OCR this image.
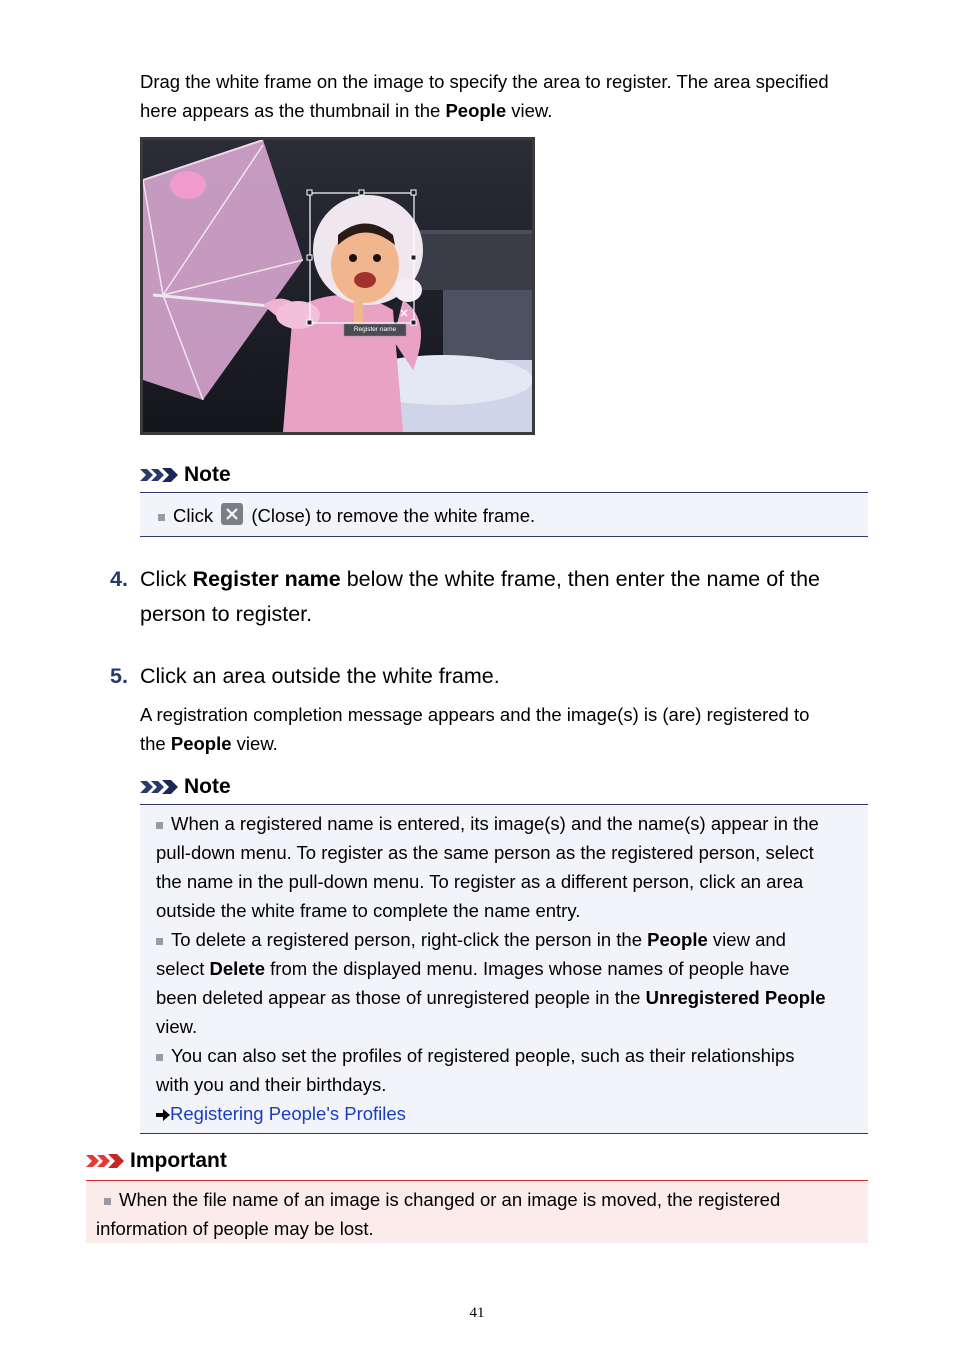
Drag the white frame on the image to specify the area to register. The area specified
here appears as the thumbnail in the People view.
Register name
Note
Click
(Close) to remove the white frame.
4. Click Register name below the white frame, then enter the name of the
person to register.
5. Click an area outside the white frame.
A registration completion message appears and the image(s) is (are) registered to
the People view.
Note
When a registered name is entered, its image(s) and the name(s) appear in the
pull-down menu. To register as the same person as the registered person, select
the name in the pull-down menu. To register as a different person, click an area
outside the white frame to complete the name entry.
To delete a registered person, right-click the person in the People view and
select Delete from the displayed menu. Images whose names of people have
been deleted appear as those of unregistered people in the Unregistered People
view.
You can also set the profiles of registered people, such as their relationships
with you and their birthdays.
Registering People's Profiles
Important
When the file name of an image is changed or an image is moved, the registered
information of people may be lost.
41
